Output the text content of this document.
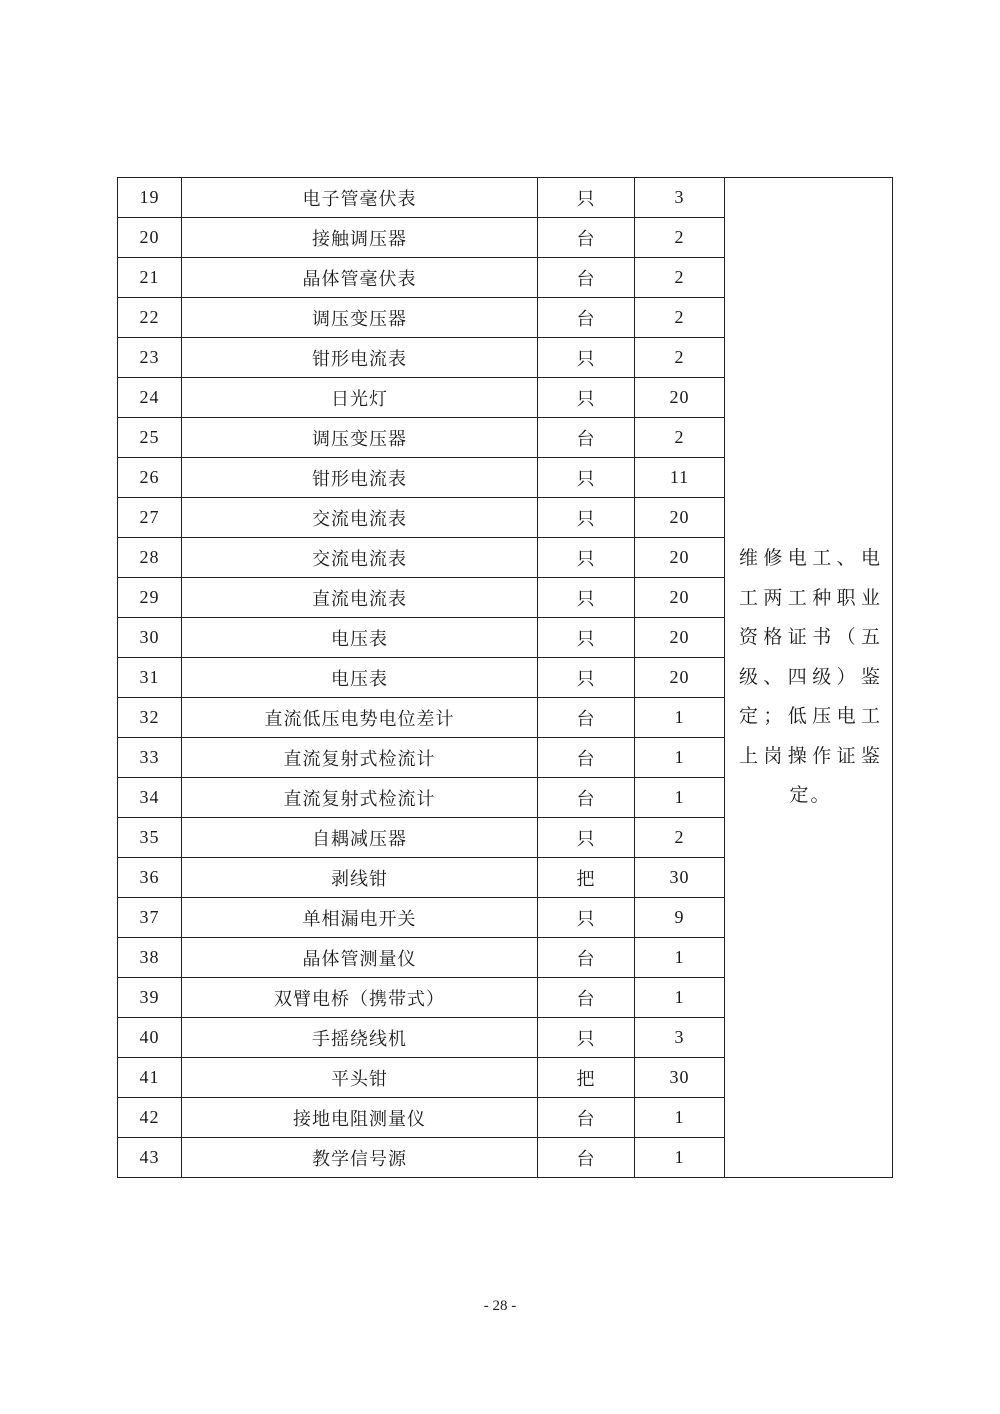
19	电子管毫伏表	只	3	维修电工、电工两工种职业资格证书（五级、四级）鉴定；低压电工上岗操作证鉴定。

20	接触调压器	台	2	
21	晶体管毫伏表	台	2	
22	调压变压器	台	2	
23	钳形电流表	只	2	
24	日光灯	只	20	
25	调压变压器	台	2	
26	钳形电流表	只	11	
27	交流电流表	只	20	
28	交流电流表	只	20	
29	直流电流表	只	20	
30	电压表	只	20	
31	电压表	只	20	
32	直流低压电势电位差计	台	1	
33	直流复射式检流计	台	1	
34	直流复射式检流计	台	1	
35	自耦减压器	只	2	
36	剥线钳	把	30	
37	单相漏电开关	只	9	
38	晶体管测量仪	台	1	
39	双臂电桥（携带式）	台	1	
40	手摇绕线机	只	3	
41	平头钳	把	30	
42	接地电阻测量仪	台	1	
43	教学信号源	台	1	
- 28 -
